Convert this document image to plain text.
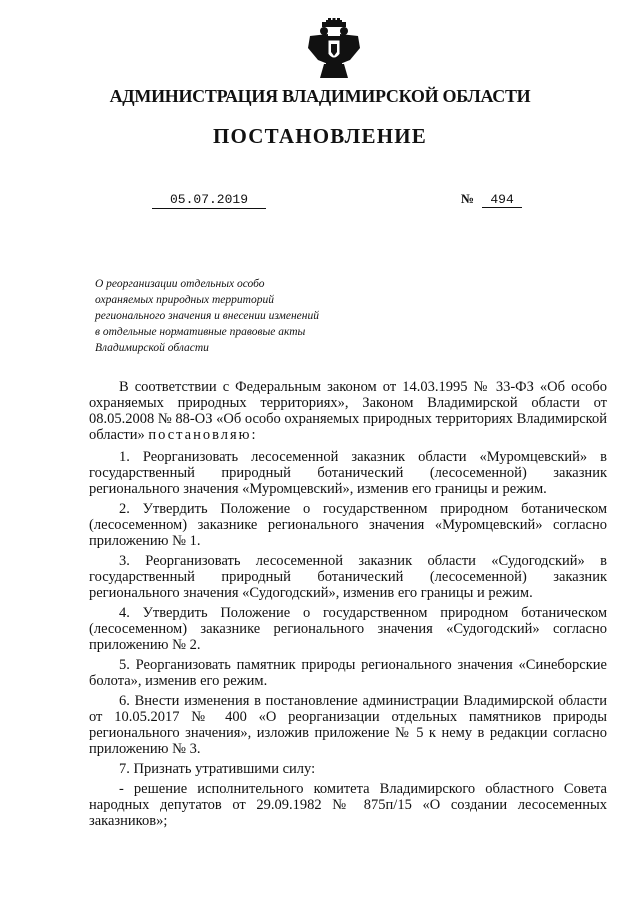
АДМИНИСТРАЦИЯ ВЛАДИМИРСКОЙ ОБЛАСТИ
ПОСТАНОВЛЕНИЕ
05.07.2019	№ 494
О реорганизации отдельных особо охраняемых природных территорий регионального значения и внесении изменений в отдельные нормативные правовые акты Владимирской области

В соответствии с Федеральным законом от 14.03.1995 № 33-ФЗ «Об особо охраняемых природных территориях», Законом Владимирской области от 08.05.2008 № 88-ОЗ «Об особо охраняемых природных территориях Владимирской области» постановляю:

1. Реорганизовать лесосеменной заказник области «Муромцевский» в государственный природный ботанический (лесосеменной) заказник регионального значения «Муромцевский», изменив его границы и режим.

2. Утвердить Положение о государственном природном ботаническом (лесосеменном) заказнике регионального значения «Муромцевский» согласно приложению № 1.

3. Реорганизовать лесосеменной заказник области «Судогодский» в государственный природный ботанический (лесосеменной) заказник регионального значения «Судогодский», изменив его границы и режим.

4. Утвердить Положение о государственном природном ботаническом (лесосеменном) заказнике регионального значения «Судогодский» согласно приложению № 2.

5. Реорганизовать памятник природы регионального значения «Синеборские болота», изменив его режим.

6. Внести изменения в постановление администрации Владимирской области от 10.05.2017 № 400 «О реорганизации отдельных памятников природы регионального значения», изложив приложение № 5 к нему в редакции согласно приложению № 3.

7. Признать утратившими силу:

- решение исполнительного комитета Владимирского областного Совета народных депутатов от 29.09.1982 № 875п/15 «О создании лесосеменных заказников»;
